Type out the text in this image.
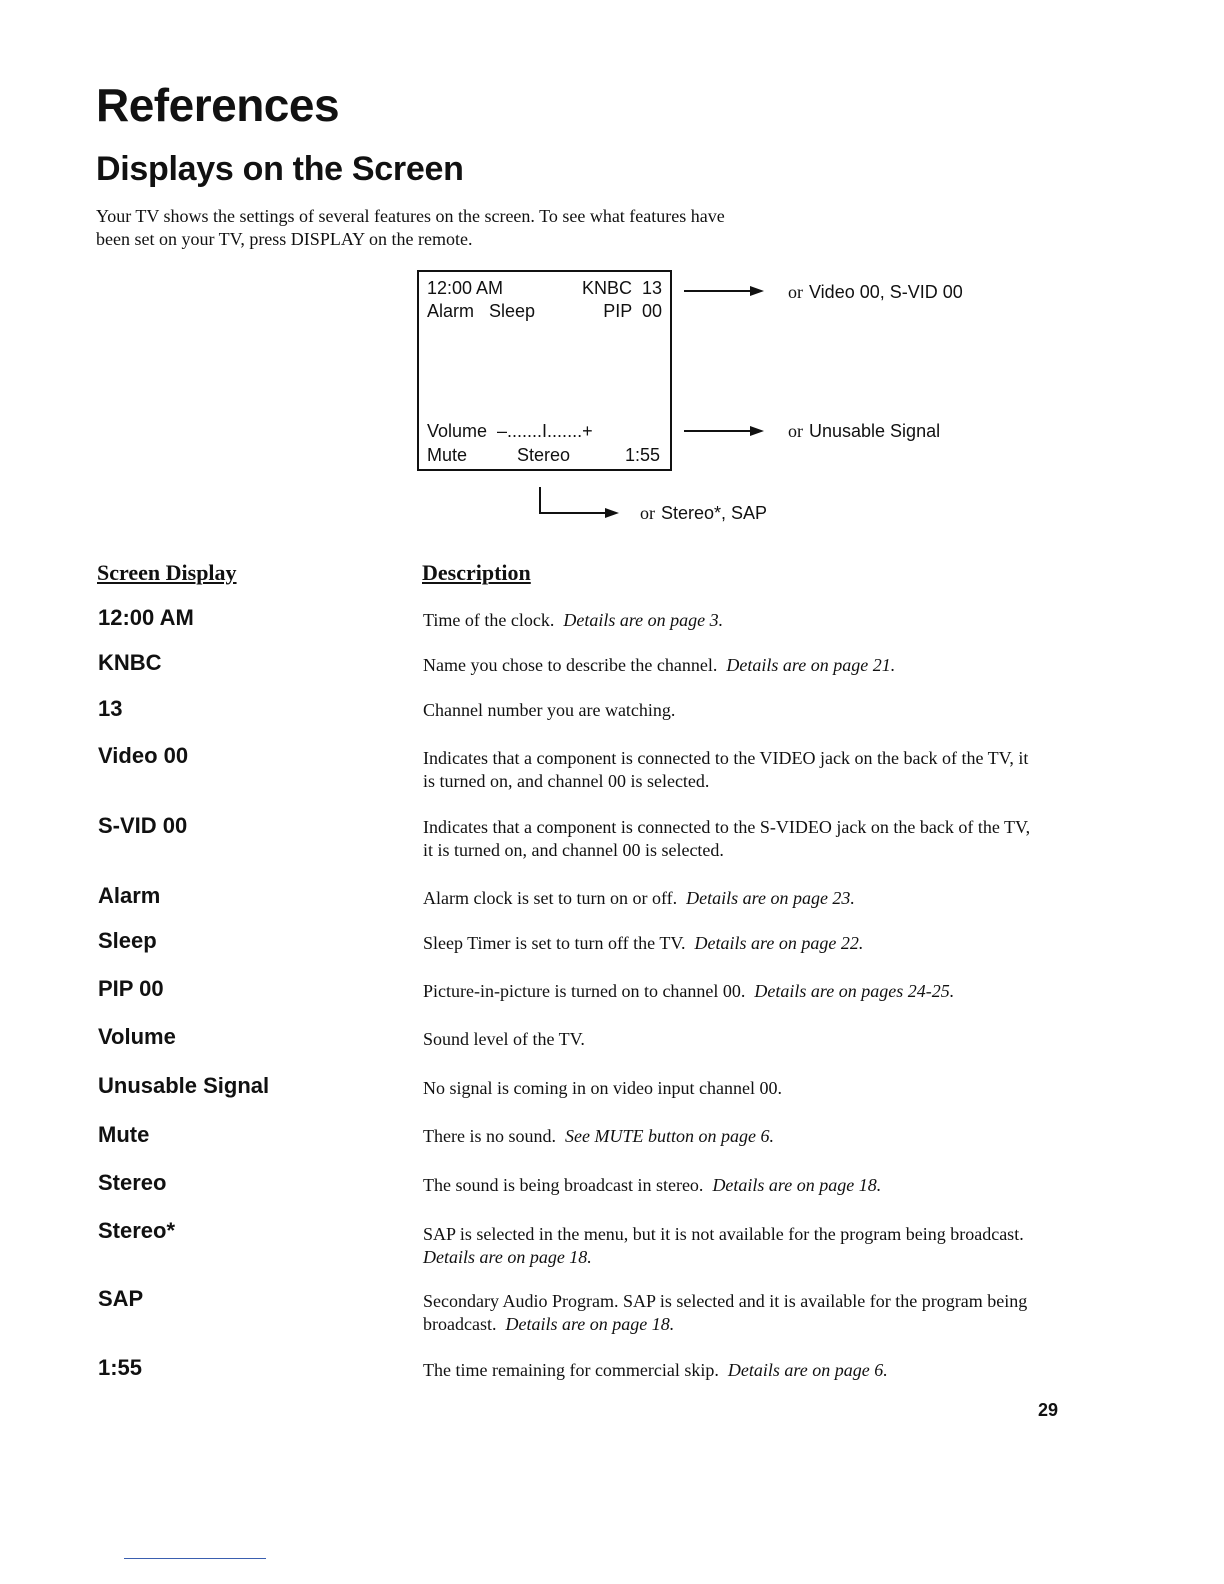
References
Displays on the Screen

Your TV shows the settings of several features on the screen. To see what features have been set on your TV, press DISPLAY on the remote.

12:00 AM	KNBC  13
Alarm   Sleep	PIP  00
Volume  –.......I.......+
Mute	Stereo	1:55
or Video 00, S-VID 00
or Unusable Signal
or Stereo*, SAP
Screen Display	Description
12:00 AM	Time of the clock. Details are on page 3.
KNBC	Name you chose to describe the channel. Details are on page 21.
13	Channel number you are watching.
Video 00	Indicates that a component is connected to the VIDEO jack on the back of the TV, it is turned on, and channel 00 is selected.
S-VID 00	Indicates that a component is connected to the S-VIDEO jack on the back of the TV, it is turned on, and channel 00 is selected.
Alarm	Alarm clock is set to turn on or off. Details are on page 23.
Sleep	Sleep Timer is set to turn off the TV. Details are on page 22.
PIP 00	Picture-in-picture is turned on to channel 00. Details are on pages 24-25.
Volume	Sound level of the TV.
Unusable Signal	No signal is coming in on video input channel 00.
Mute	There is no sound. See MUTE button on page 6.
Stereo	The sound is being broadcast in stereo. Details are on page 18.
Stereo*	SAP is selected in the menu, but it is not available for the program being broadcast.  Details are on page 18.
SAP	Secondary Audio Program. SAP is selected and it is available for the program being broadcast. Details are on page 18.
1:55	The time remaining for commercial skip. Details are on page 6.
29
